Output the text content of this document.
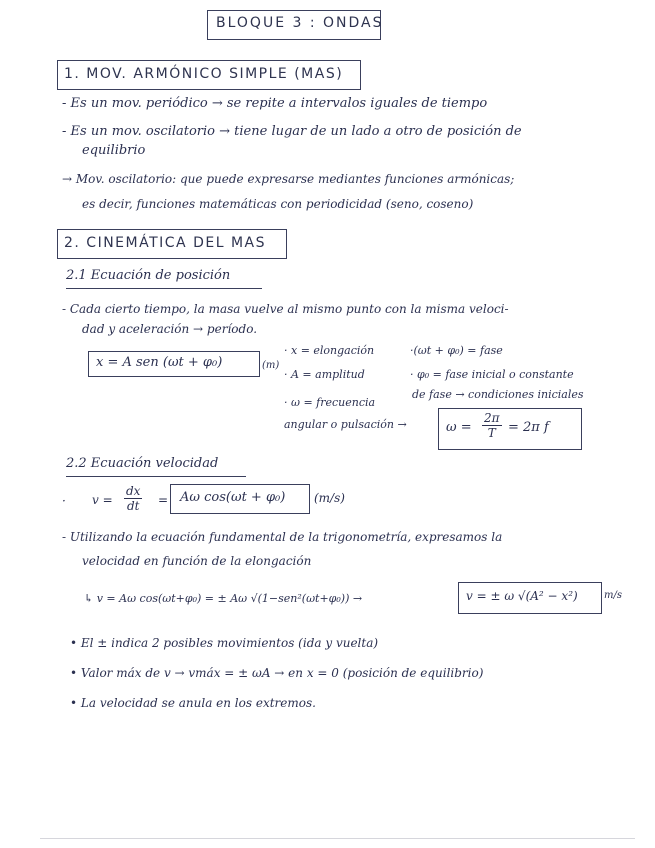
BLOQUE 3 : ONDAS
1. MOV. ARMÓNICO SIMPLE (MAS)
- Es un mov. periódico → se repite a intervalos iguales de tiempo
- Es un mov. oscilatorio → tiene lugar de un lado a otro de posición de
equilibrio
→ Mov. oscilatorio: que puede expresarse mediantes funciones armónicas;
es decir, funciones matemáticas con periodicidad (seno, coseno)
2. CINEMÁTICA DEL MAS
2.1 Ecuación de posición
- Cada cierto tiempo, la masa vuelve al mismo punto con la misma veloci-
dad y aceleración → período.
x = A sen (ωt + φ₀)	(m)
· x = elongación
· A = amplitud
· ω = frecuencia
angular o pulsación →
·(ωt + φ₀) = fase
· φ₀ = fase inicial o constante
de fase → condiciones iniciales
$\omega = \frac{2\pi}{T} = 2\pi$ f
2.2 Ecuación velocidad
· $v = \frac{dx}{dt} = A\omega$ cos(ωt + φ₀) (m/s)
- Utilizando la ecuación fundamental de la trigonometría, expresamos la
velocidad en función de la elongación
↳ v = Aω cos(ωt+φ₀) = ± Aω √(1−sen²(ωt+φ₀)) →	v = ± ω √(A² − x²)	m/s
• El ± indica 2 posibles movimientos (ida y vuelta)
• Valor máx de v → vmáx = ± ωA → en x = 0 (posición de equilibrio)
• La velocidad se anula en los extremos.
